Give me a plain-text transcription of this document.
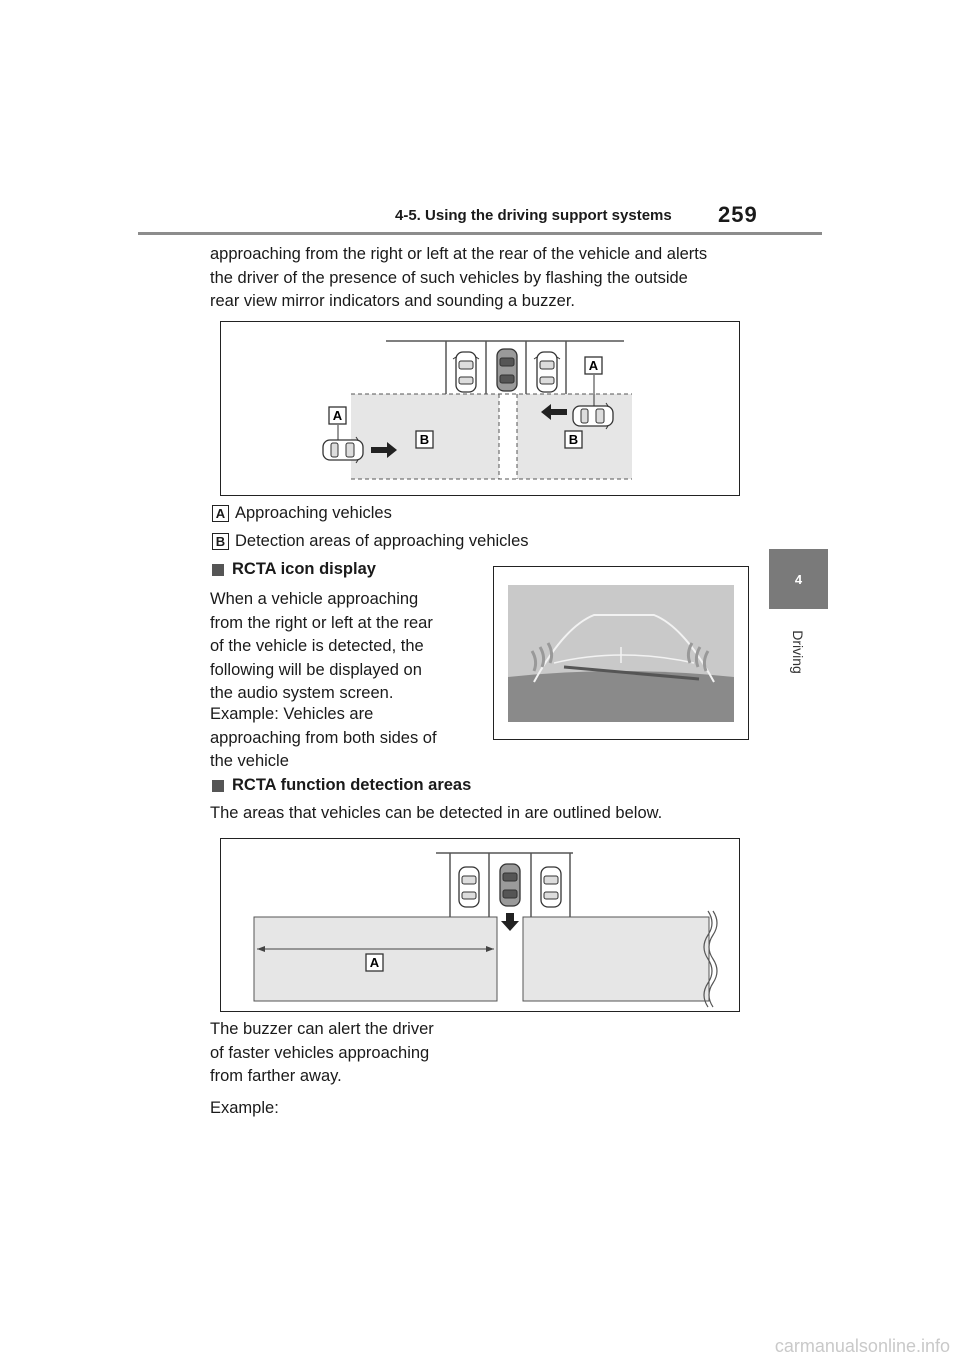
4-5. Using the driving support systems 259
4
Driving
approaching from the right or left at the rear of the vehicle and alerts
the driver of the presence of such vehicles by flashing the outside
rear view mirror indicators and sounding a buzzer.
A
A
B	B
A Approaching vehicles
B Detection areas of approaching vehicles
RCTA icon display
When a vehicle approaching
from the right or left at the rear
of the vehicle is detected, the
following will be displayed on
the audio system screen.
Example: Vehicles are
approaching from both sides of
the vehicle
RCTA function detection areas
The areas that vehicles can be detected in are outlined below.
A
The buzzer can alert the driver
of faster vehicles approaching
from farther away.
Example:
carmanualsonline.info
